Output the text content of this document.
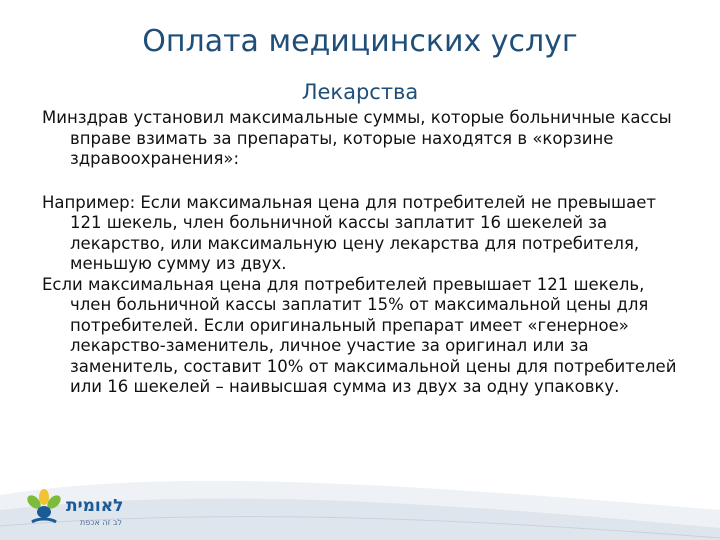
Оплата медицинских услуг
Лекарства

Минздрав установил максимальные суммы, которые больничные кассы вправе взимать за препараты, которые находятся в «корзине здравоохранения»:

Например: Если максимальная цена для потребителей не превышает 121 шекель, член больничной кассы заплатит 16 шекелей за лекарство, или максимальную цену лекарства для потребителя, меньшую сумму из двух.

Если максимальная цена для потребителей превышает 121 шекель, член больничной кассы заплатит 15% от максимальной цены для потребителей. Если оригинальный препарат имеет «генерное» лекарство-заменитель, личное участие за оригинал или за заменитель, составит 10% от максимальной цены для потребителей или 16 шекелей – наивысшая сумма из двух за одну упаковку.

לאומית
לב זה אכפת
